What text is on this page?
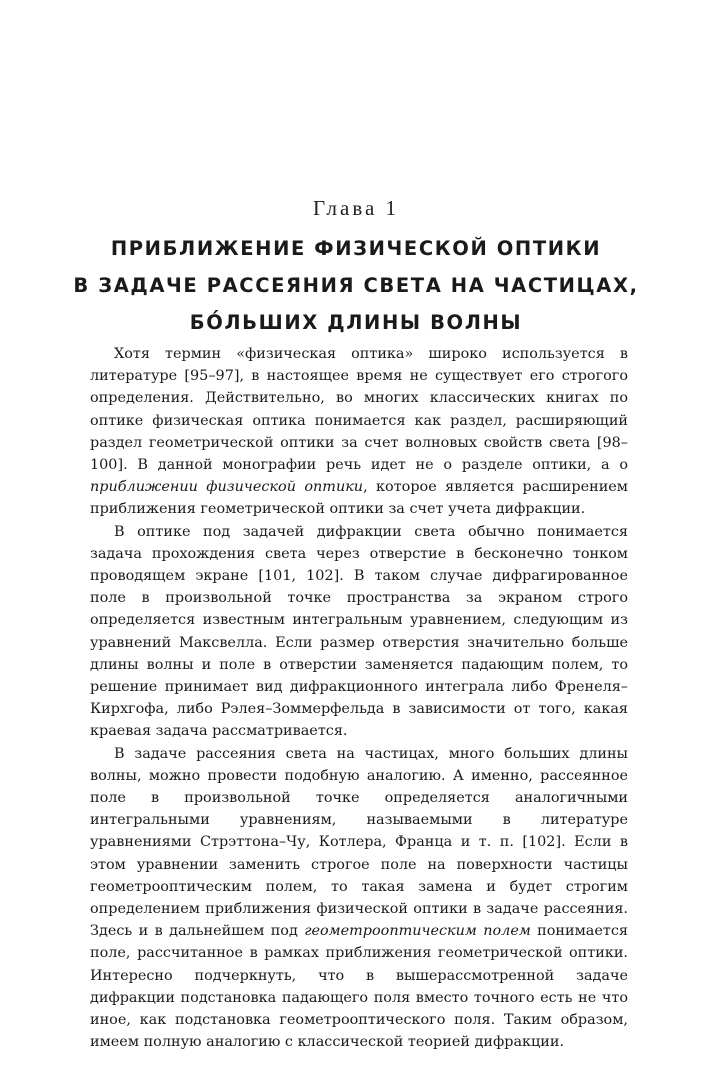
Глава 1
ПРИБЛИЖЕНИЕ ФИЗИЧЕСКОЙ ОПТИКИ
В ЗАДАЧЕ РАССЕЯНИЯ СВЕТА НА ЧАСТИЦАХ,
БО́ЛЬШИХ ДЛИНЫ ВОЛНЫ

Хотя термин «физическая оптика» широко используется в литературе [95–97], в настоящее время не существует его строгого определения. Действительно, во многих классических книгах по оптике физическая оптика понимается как раздел, расширяющий раздел геометрической оптики за счет волновых свойств света [98–100]. В данной монографии речь идет не о разделе оптики, а о приближении физической оптики, которое является расширением приближения геометрической оптики за счет учета дифракции.

В оптике под задачей дифракции света обычно понимается задача прохождения света через отверстие в бесконечно тонком проводящем экране [101, 102]. В таком случае дифрагированное поле в произвольной точке пространства за экраном строго определяется известным интегральным уравнением, следующим из уравнений Максвелла. Если размер отверстия значительно больше длины волны и поле в отверстии заменяется падающим полем, то решение принимает вид дифракционного интеграла либо Френеля–Кирхгофа, либо Рэлея–Зоммерфельда в зависимости от того, какая краевая задача рассматривается.

В задаче рассеяния света на частицах, много больших длины волны, можно провести подобную аналогию. А именно, рассеянное поле в произвольной точке определяется аналогичными интегральными уравнениям, называемыми в литературе уравнениями Стрэттона–Чу, Котлера, Франца и т. п. [102]. Если в этом уравнении заменить строгое поле на поверхности частицы геометрооптическим полем, то такая замена и будет строгим определением приближения физической оптики в задаче рассеяния. Здесь и в дальнейшем под геометрооптическим полем понимается поле, рассчитанное в рамках приближения геометрической оптики. Интересно подчеркнуть, что в вышерассмотренной задаче дифракции подстановка падающего поля вместо точного есть не что иное, как подстановка геометрооптического поля. Таким образом, имеем полную аналогию с классической теорией дифракции.
